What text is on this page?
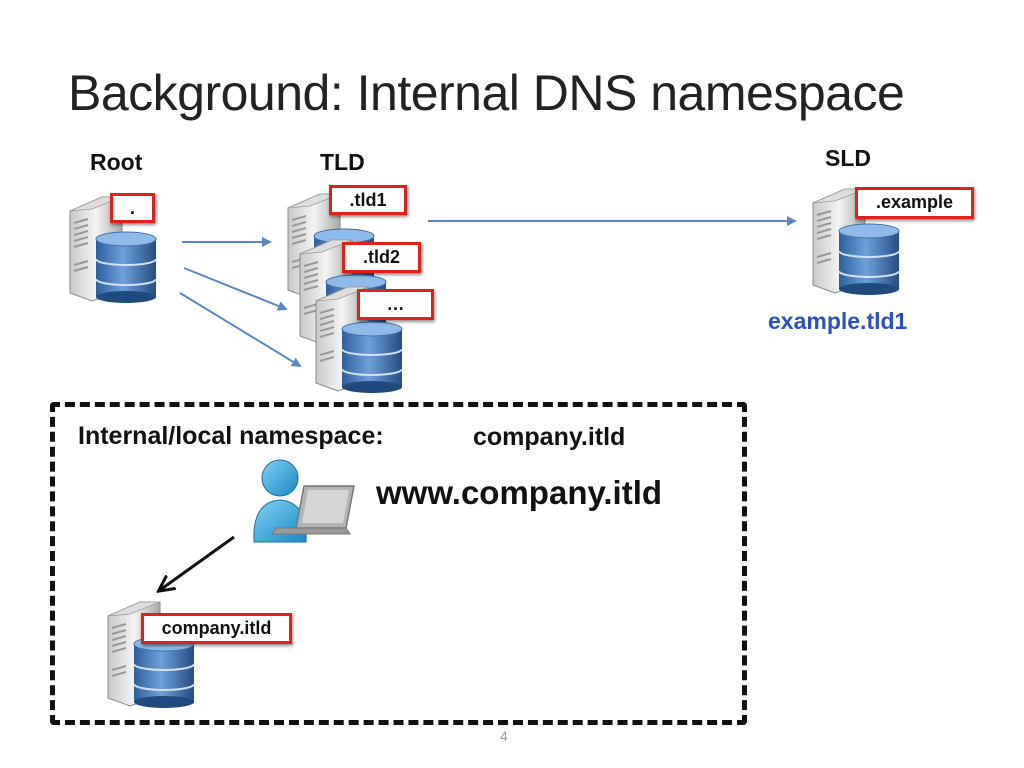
Background: Internal DNS namespace
Root	TLD	SLD
.	.tld1
.tld2
…
.example
example.tld1
Internal/local namespace:	company.itld
www.company.itld
company.itld
4
